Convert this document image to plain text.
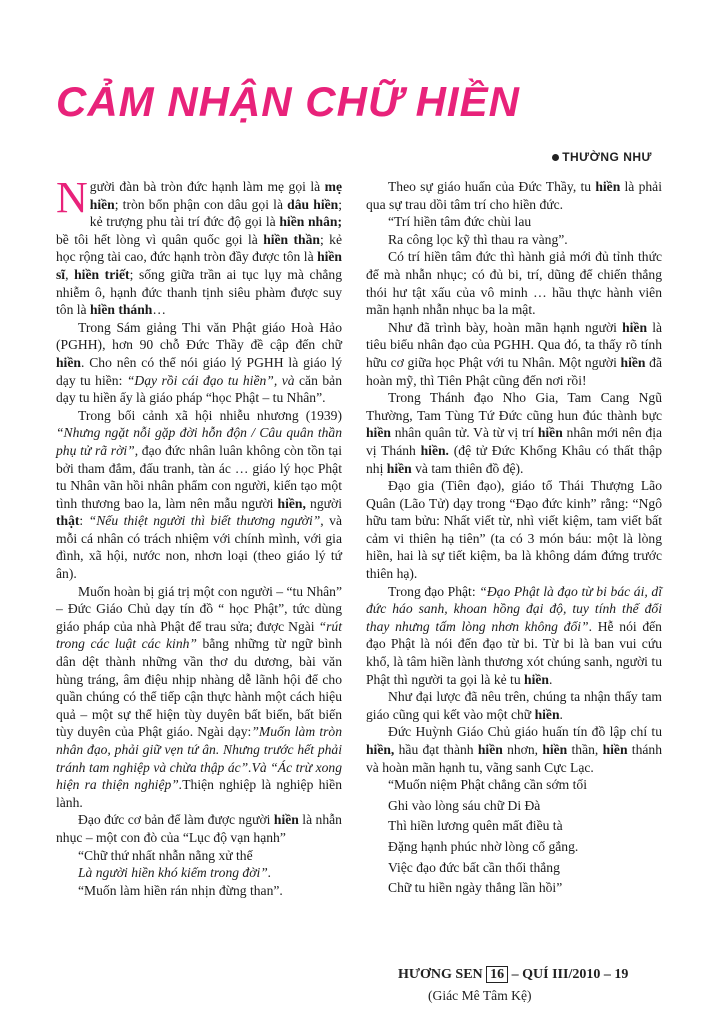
CẢM NHẬN CHỮ HIỀN
THƯỜNG NHƯ

Người đàn bà tròn đức hạnh làm mẹ gọi là mẹ hiền; tròn bổn phận con dâu gọi là dâu hiền; kẻ trượng phu tài trí đức độ gọi là hiền nhân; bề tôi hết lòng vì quân quốc gọi là hiền thần; kẻ học rộng tài cao, đức hạnh tròn đầy được tôn là hiền sĩ, hiền triết; sống giữa trần ai tục lụy mà chẳng nhiễm ô, hạnh đức thanh tịnh siêu phàm được suy tôn là hiền thánh…

Trong Sám giảng Thi văn Phật giáo Hoà Hảo (PGHH), hơn 90 chỗ Đức Thầy đề cập đến chữ hiền. Cho nên có thể nói giáo lý PGHH là giáo lý dạy tu hiền: “Dạy rồi cái đạo tu hiền”, và căn bản dạy tu hiền ấy là giáo pháp “học Phật – tu Nhân”.

Trong bối cảnh xã hội nhiễu nhương (1939) “Nhưng ngặt nỗi gặp đời hỗn độn / Câu quân thần phụ tử rã rời”, đạo đức nhân luân không còn tồn tại bởi tham đắm, đấu tranh, tàn ác … giáo lý học Phật tu Nhân vãn hồi nhân phẩm con người, kiến tạo một tình thương bao la, làm nên mẫu người hiền, người thật: “Nếu thiệt người thì biết thương người”, và mỗi cá nhân có trách nhiệm với chính mình, với gia đình, xã hội, nước non, nhơn loại (theo giáo lý tứ ân).

Muốn hoàn bị giá trị một con người – “tu Nhân” – Đức Giáo Chủ dạy tín đồ “ học Phật”, tức dùng giáo pháp của nhà Phật để trau sửa; được Ngài “rút trong các luật các kinh” bằng những từ ngữ bình dân dệt thành những vần thơ du dương, bài văn hùng tráng, âm điệu nhịp nhàng dễ lãnh hội để cho quần chúng có thể tiếp cận thực hành một cách hiệu quả – một sự thể hiện tùy duyên bất biến, bất biến tùy duyên của Phật giáo. Ngài dạy:”Muốn làm tròn nhân đạo, phải giữ vẹn tứ ân. Nhưng trước hết phải tránh tam nghiệp và chừa thập ác”.Và “Ác trừ xong hiện ra thiện nghiệp”.Thiện nghiệp là nghiệp hiền lành.

Đạo đức cơ bản để làm được người hiền là nhẫn nhục – một con đò của “Lục độ vạn hạnh”

“Chữ thứ nhất nhẫn nằng xử thế

Là người hiền khó kiếm trong đời”.

“Muốn làm hiền rán nhịn đừng than”.

Theo sự giáo huấn của Đức Thầy, tu hiền là phải qua sự trau dồi tâm trí cho hiền đức.

“Trí hiền tâm đức chùi lau

Ra công lọc kỹ thì thau ra vàng”.

Có trí hiền tâm đức thì hành giả mới đủ tỉnh thức để mà nhẫn nhục; có đủ bi, trí, dũng để chiến thắng thói hư tật xấu của vô minh … hầu thực hành viên mãn hạnh nhẫn nhục ba la mật.

Như đã trình bày, hoàn mãn hạnh người hiền là tiêu biểu nhân đạo của PGHH. Qua đó, ta thấy rõ tính hữu cơ giữa học Phật với tu Nhân. Một người hiền đã hoàn mỹ, thì Tiên Phật cũng đến nơi rồi!

Trong Thánh đạo Nho Gia, Tam Cang Ngũ Thường, Tam Tùng Tứ Đức cũng hun đúc thành bực hiền nhân quân tử. Và từ vị trí hiền nhân mới nên địa vị Thánh hiền. (đệ tử Đức Khổng Khâu có thất thập nhị hiền và tam thiên đồ đệ).

Đạo gia (Tiên đạo), giáo tổ Thái Thượng Lão Quân (Lão Tử) dạy trong “Đạo đức kinh” rằng: “Ngô hữu tam bửu: Nhất viết từ, nhì viết kiệm, tam viết bất cảm vi thiên hạ tiên” (ta có 3 món báu: một là lòng hiền, hai là sự tiết kiệm, ba là không dám đứng trước thiên hạ).

Trong đạo Phật: “Đạo Phật là đạo từ bi bác ái, dĩ đức háo sanh, khoan hồng đại độ, tuy tính thế đổi thay nhưng tấm lòng nhơn không đổi”. Hễ nói đến đạo Phật là nói đến đạo từ bi. Từ bi là ban vui cứu khổ, là tâm hiền lành thương xót chúng sanh, người tu Phật thì người ta gọi là kẻ tu hiền.

Như đại lược đã nêu trên, chúng ta nhận thấy tam giáo cũng qui kết vào một chữ hiền.

Đức Huỳnh Giáo Chủ giáo huấn tín đồ lập chí tu hiền, hầu đạt thành hiền nhơn, hiền thần, hiền thánh và hoàn mãn hạnh tu, vãng sanh Cực Lạc.

“Muốn niệm Phật chẳng cần sớm tối

Ghi vào lòng sáu chữ Di Đà

Thì hiền lương quên mất điều tà

Đặng hạnh phúc nhờ lòng cố gắng.

Việc đạo đức bất cần thối thắng

Chữ tu hiền ngày thắng lần hồi”

HƯƠNG SEN 16 – QUÍ III/2010 – 19
(Giác Mê Tâm Kệ)
